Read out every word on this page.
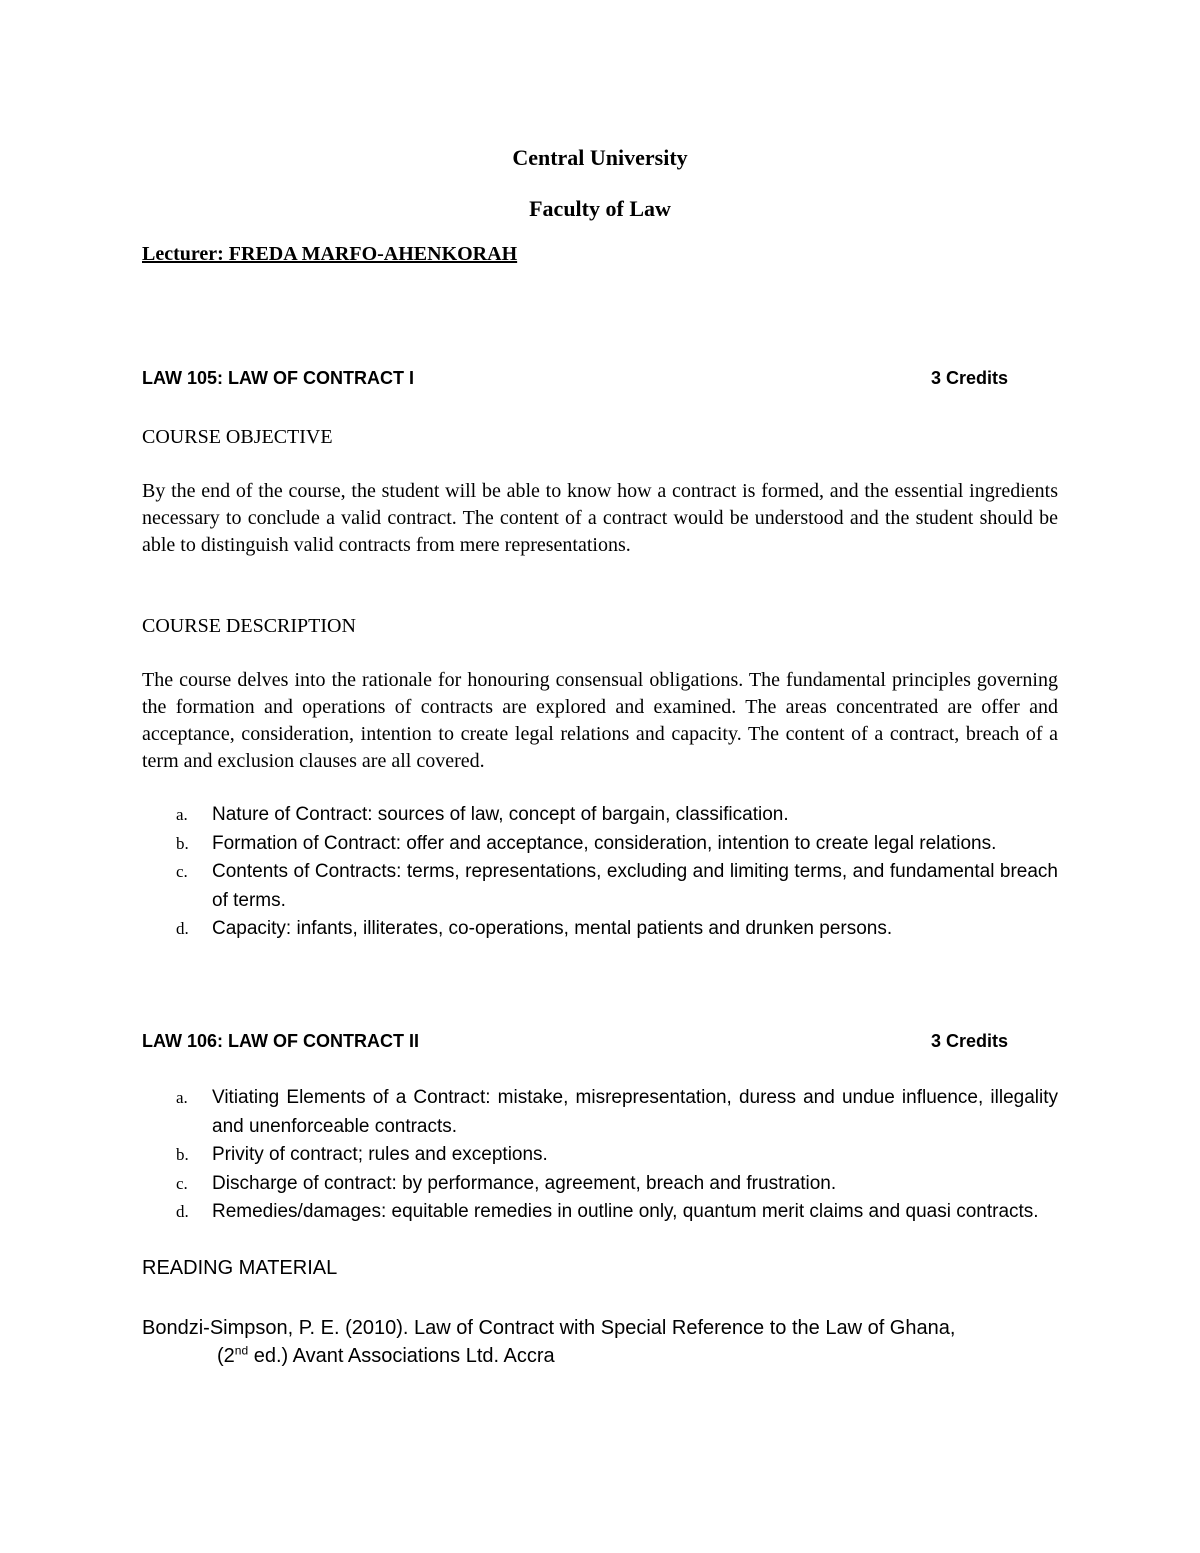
Central University
Faculty of Law
Lecturer: FREDA MARFO-AHENKORAH
LAW 105: LAW OF CONTRACT I	3 Credits
COURSE OBJECTIVE
By the end of the course, the student will be able to know how a contract is formed, and the essential ingredients necessary to conclude a valid contract. The content of a contract would be understood and the student should be able to distinguish valid contracts from mere representations.
COURSE DESCRIPTION
The course delves into the rationale for honouring consensual obligations. The fundamental principles governing the formation and operations of contracts are explored and examined. The areas concentrated are offer and acceptance, consideration, intention to create legal relations and capacity. The content of a contract, breach of a term and exclusion clauses are all covered.
a. Nature of Contract: sources of law, concept of bargain, classification.
b. Formation of Contract: offer and acceptance, consideration, intention to create legal relations.
c. Contents of Contracts: terms, representations, excluding and limiting terms, and fundamental breach of terms.
d. Capacity: infants, illiterates, co-operations, mental patients and drunken persons.
LAW 106: LAW OF CONTRACT II	3 Credits
a. Vitiating Elements of a Contract: mistake, misrepresentation, duress and undue influence, illegality and unenforceable contracts.
b. Privity of contract; rules and exceptions.
c. Discharge of contract: by performance, agreement, breach and frustration.
d. Remedies/damages: equitable remedies in outline only, quantum merit claims and quasi contracts.
READING MATERIAL
Bondzi-Simpson, P. E. (2010). Law of Contract with Special Reference to the Law of Ghana,
(2nd ed.) Avant Associations Ltd. Accra
